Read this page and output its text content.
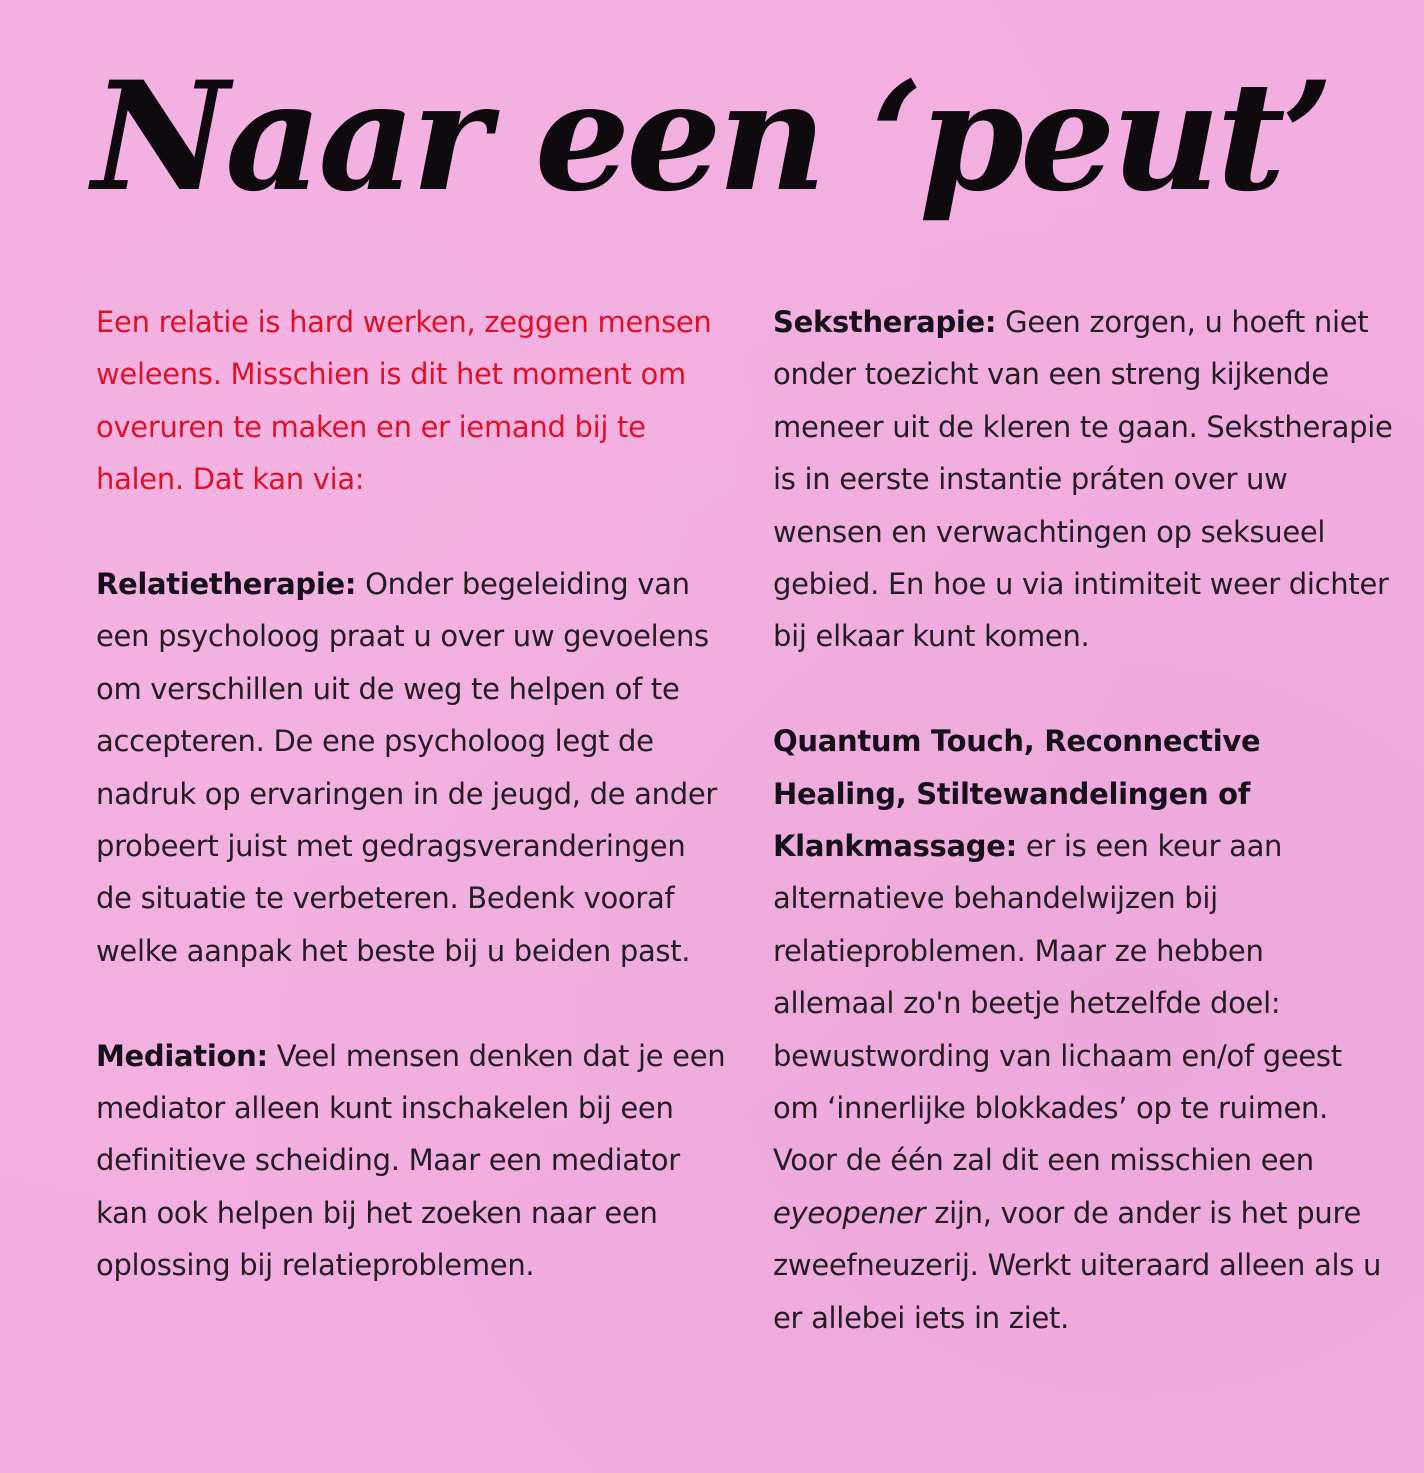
Naar een ‘peut’

Een relatie is hard werken, zeggen mensen weleens. Misschien is dit het moment om overuren te maken en er iemand bij te halen. Dat kan via:

Relatietherapie: Onder begeleiding van een psycholoog praat u over uw gevoelens om verschillen uit de weg te helpen of te accepteren. De ene psycholoog legt de nadruk op ervaringen in de jeugd, de ander probeert juist met gedragsveranderingen de situatie te verbeteren. Bedenk vooraf welke aanpak het beste bij u beiden past.

Mediation: Veel mensen denken dat je een mediator alleen kunt inschakelen bij een definitieve scheiding. Maar een mediator kan ook helpen bij het zoeken naar een oplossing bij relatieproblemen.

Sekstherapie: Geen zorgen, u hoeft niet onder toezicht van een streng kijkende meneer uit de kleren te gaan. Sekstherapie is in eerste instantie práten over uw wensen en verwachtingen op seksueel gebied. En hoe u via intimiteit weer dichter bij elkaar kunt komen.

Quantum Touch, Reconnective Healing, Stiltewandelingen of Klankmassage: er is een keur aan alternatieve behandelwijzen bij relatieproblemen. Maar ze hebben allemaal zo'n beetje hetzelfde doel: bewustwording van lichaam en/of geest om ‘innerlijke blokkades’ op te ruimen. Voor de één zal dit een misschien een eyeopener zijn, voor de ander is het pure zweefneuzerij. Werkt uiteraard alleen als u er allebei iets in ziet.
